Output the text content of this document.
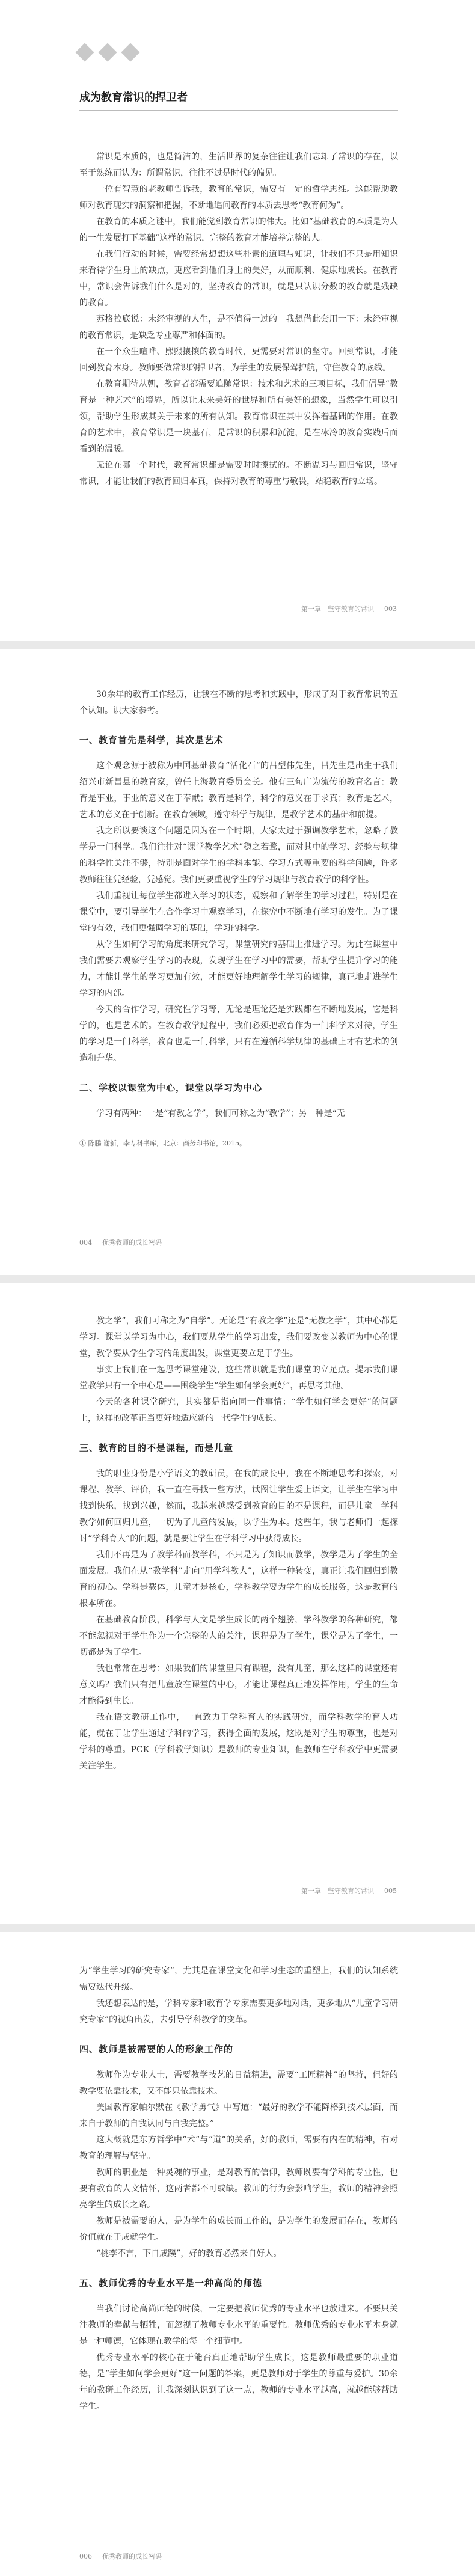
成为教育常识的捍卫者

常识是本质的，也是简洁的，生活世界的复杂往往让我们忘却了常识的存在，以至于熟练而认为：所谓常识，往往不过是时代的偏见。

一位有智慧的老教师告诉我，教育的常识，需要有一定的哲学思维。这能帮助教师对教育现实的洞察和把握，不断地追问教育的本质去思考“教育何为”。

在教育的本质之谜中，我们能觉到教育常识的伟大。比如“基础教育的本质是为人的一生发展打下基础”这样的常识，完整的教育才能培养完整的人。

在我们行动的时候，需要经常想想这些朴素的道理与知识，让我们不只是用知识来看待学生身上的缺点，更应看到他们身上的美好，从而顺利、健康地成长。在教育中，常识会告诉我们什么是对的，坚持教育的常识，就是只认识分数的教育就是残缺的教育。

苏格拉底说：未经审视的人生，是不值得一过的。我想借此套用一下：未经审视的教育常识，是缺乏专业尊严和体面的。

在一个众生喧哗、熙熙攘攘的教育时代，更需要对常识的坚守。回到常识，才能回到教育本身。教师要做常识的捍卫者，为学生的发展保驾护航，守住教育的底线。

在教育期待从朝，教育者都需要追随常识：技术和艺术的三项目标，我们倡导“教育是一种艺术”的境界，所以让未来美好的世界和所有美好的想象，当然学生可以引领，帮助学生形成其关于未来的所有认知。教育常识在其中发挥着基础的作用。在教育的艺术中，教育常识是一块基石，是常识的积累和沉淀，是在冰冷的教育实践后面看到的温暖。

无论在哪一个时代，教育常识都是需要时时擦拭的。不断温习与回归常识，坚守常识，才能让我们的教育回归本真，保持对教育的尊重与敬畏，站稳教育的立场。

第一章　坚守教育的常识 003

30余年的教育工作经历，让我在不断的思考和实践中，形成了对于教育常识的五个认知。识大家参考。

一、教育首先是科学，其次是艺术

这个观念源于被称为中国基础教育“活化石”的吕型伟先生，吕先生是出生于我们绍兴市新昌县的教育家，曾任上海教育委员会长。他有三句广为流传的教育名言：教育是事业，事业的意义在于奉献；教育是科学，科学的意义在于求真；教育是艺术，艺术的意义在于创新。在教育领域，遵守科学与规律，是教学艺术的基础和前提。

我之所以要谈这个问题是因为在一个时期，大家太过于强调教学艺术，忽略了教学是一门科学。我们往往对“课堂教学艺术”稳之若鹜，而对其中的学习、经验与规律的科学性关注不够，特别是面对学生的学科本能、学习方式等重要的科学问题，许多教师往往凭经验，凭感觉。我们更要重视学生的学习规律与教育教学的科学性。

我们重视让每位学生都进入学习的状态，观察和了解学生的学习过程，特别是在课堂中，要引导学生在合作学习中观察学习，在探究中不断地有学习的发生。为了课堂的有效，我们更强调学习的基础，学习的科学。

从学生如何学习的角度来研究学习，课堂研究的基础上推进学习。为此在课堂中我们需要去观察学生学习的表现，发现学生在学习中的需要，帮助学生提升学习的能力，才能让学生的学习更加有效，才能更好地理解学生学习的规律，真正地走进学生学习的内部。

今天的合作学习，研究性学习等，无论是理论还是实践都在不断地发展，它是科学的，也是艺术的。在教育教学过程中，我们必须把教育作为一门科学来对待，学生的学习是一门科学，教育也是一门科学，只有在遵循科学规律的基础上才有艺术的创造和升华。

二、学校以课堂为中心，课堂以学习为中心

学习有两种：一是“有教之学”，我们可称之为“教学”；另一种是“无

① 陈鹏 谢新，李专科书库，北京：商务印书馆，2015。
004 优秀教师的成长密码

教之学”，我们可称之为“自学”。无论是“有教之学”还是“无教之学”，其中心都是学习。课堂以学习为中心，我们要从学生的学习出发，我们要改变以教师为中心的课堂，教学要从学生学习的角度出发，课堂更要立足于学生。

事实上我们在一起思考课堂建设，这些常识就是我们课堂的立足点。提示我们课堂教学只有一个中心是——围绕学生“学生如何学会更好”，再思考其他。

今天的各种课堂研究，其实都是指向同一件事情：“学生如何学会更好”的问题上，这样的改革正当更好地适应新的一代学生的成长。

三、教育的目的不是课程，而是儿童

我的职业身份是小学语文的教研员，在我的成长中，我在不断地思考和探索，对课程、教学、评价，我一直在寻找一些方法，试图让学生爱上语文，让学生在学习中找到快乐，找到兴趣，然而，我越来越感受到教育的目的不是课程，而是儿童。学科教学如何回归儿童，一切为了儿童的发展，以学生为本。这些年，我与老师们一起探讨“学科育人”的问题，就是要让学生在学科学习中获得成长。

我们不再是为了教学科而教学科，不只是为了知识而教学，教学是为了学生的全面发展。我们在从“教学科”走向“用学科教人”，这样一种转变，真正让我们回归到教育的初心。学科是载体，儿童才是核心，学科教学要为学生的成长服务，这是教育的根本所在。

在基础教育阶段，科学与人文是学生成长的两个翅膀，学科教学的各种研究，都不能忽视对于学生作为一个完整的人的关注，课程是为了学生，课堂是为了学生，一切都是为了学生。

我也常常在思考：如果我们的课堂里只有课程，没有儿童，那么这样的课堂还有意义吗？我们只有把儿童放在课堂的中心，才能让课程真正地发挥作用，学生的生命才能得到生长。

我在语文教研工作中，一直致力于学科育人的实践研究，而学科教学的育人功能，就在于让学生通过学科的学习，获得全面的发展，这既是对学生的尊重，也是对学科的尊重。PCK（学科教学知识）是教师的专业知识，但教师在学科教学中更需要关注学生。

第一章　坚守教育的常识 005

为“学生学习的研究专家”，尤其是在课堂文化和学习生态的重塑上，我们的认知系统需要迭代升级。

我还想表达的是，学科专家和教育学专家需要更多地对话，更多地从“儿童学习研究专家”的视角出发，去引导学科教学的变革。

四、教师是被需要的人的形象工作的

教师作为专业人士，需要教学技艺的日益精进，需要“工匠精神”的坚持，但好的教学要依靠技术，又不能只依靠技术。

美国教育家帕尔默在《教学勇气》中写道：“最好的教学不能降格到技术层面，而来自于教师的自我认同与自我完整。”

这大概就是东方哲学中“术”与“道”的关系，好的教师，需要有内在的精神，有对教育的理解与坚守。

教师的职业是一种灵魂的事业，是对教育的信仰，教师既要有学科的专业性，也要有教育的人文情怀，这两者都不可或缺。教师的行为会影响学生，教师的精神会照亮学生的成长之路。

教师是被需要的人，是为学生的成长而工作的，是为学生的发展而存在，教师的价值就在于成就学生。

“桃李不言，下自成蹊”，好的教育必然来自好人。

五、教师优秀的专业水平是一种高尚的师德

当我们讨论高尚师德的时候，一定要把教师优秀的专业水平也放进来。不要只关注教师的奉献与牺牲，而忽视了教师专业水平的重要性。教师优秀的专业水平本身就是一种师德，它体现在教学的每一个细节中。

优秀专业水平的核心在于能否真正地帮助学生成长，这是教师最重要的职业道德，是“学生如何学会更好”这一问题的答案，更是教师对于学生的尊重与爱护。30余年的教研工作经历，让我深刻认识到了这一点，教师的专业水平越高，就越能够帮助学生。

006 优秀教师的成长密码
